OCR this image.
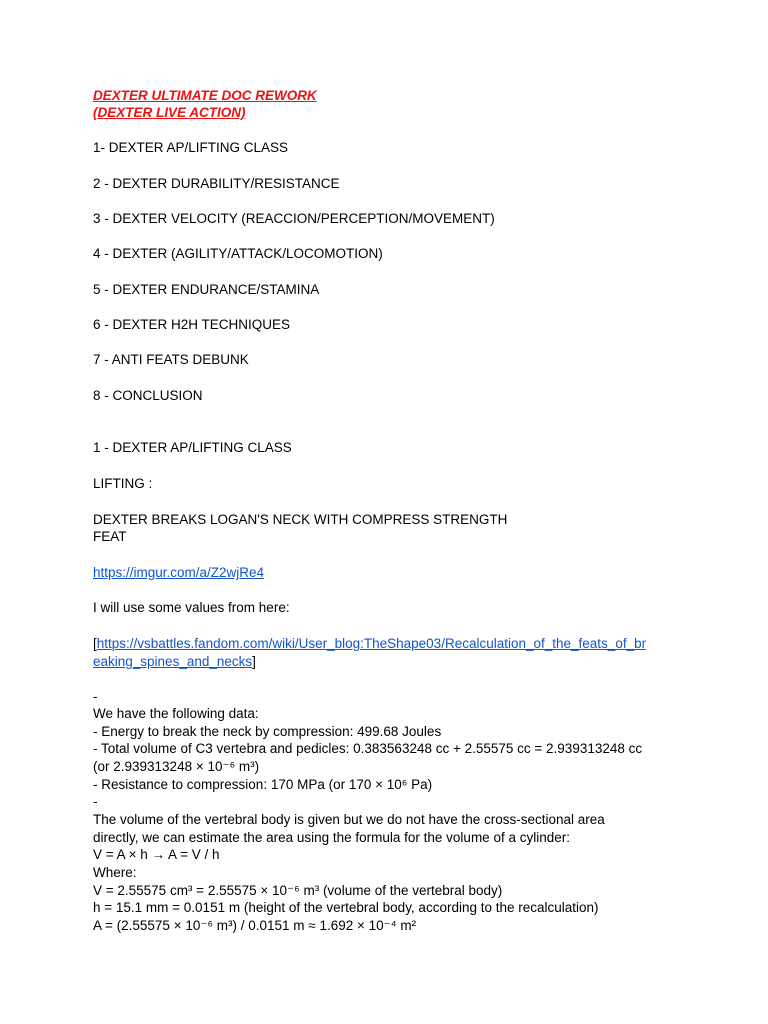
DEXTER ULTIMATE DOC REWORK
(DEXTER LIVE ACTION)
1- DEXTER AP/LIFTING CLASS
2 - DEXTER DURABILITY/RESISTANCE
3 - DEXTER VELOCITY (REACCION/PERCEPTION/MOVEMENT)
4 - DEXTER (AGILITY/ATTACK/LOCOMOTION)
5 - DEXTER ENDURANCE/STAMINA
6 - DEXTER H2H TECHNIQUES
7 - ANTI FEATS DEBUNK
8 - CONCLUSION
1 - DEXTER AP/LIFTING CLASS
LIFTING :
DEXTER BREAKS LOGAN'S NECK WITH COMPRESS STRENGTH
FEAT
https://imgur.com/a/Z2wjRe4
I will use some values from here:
[https://vsbattles.fandom.com/wiki/User_blog:TheShape03/Recalculation_of_the_feats_of_br
eaking_spines_and_necks]
-
We have the following data:
- Energy to break the neck by compression: 499.68 Joules
- Total volume of C3 vertebra and pedicles: 0.383563248 cc + 2.55575 cc = 2.939313248 cc
(or 2.939313248 × 10⁻⁶ m³)
- Resistance to compression: 170 MPa (or 170 × 10⁶ Pa)
-
The volume of the vertebral body is given but we do not have the cross-sectional area
directly, we can estimate the area using the formula for the volume of a cylinder:
V = A × h → A = V / h
Where:
V = 2.55575 cm³ = 2.55575 × 10⁻⁶ m³ (volume of the vertebral body)
h = 15.1 mm = 0.0151 m (height of the vertebral body, according to the recalculation)
A = (2.55575 × 10⁻⁶ m³) / 0.0151 m ≈ 1.692 × 10⁻⁴ m²
